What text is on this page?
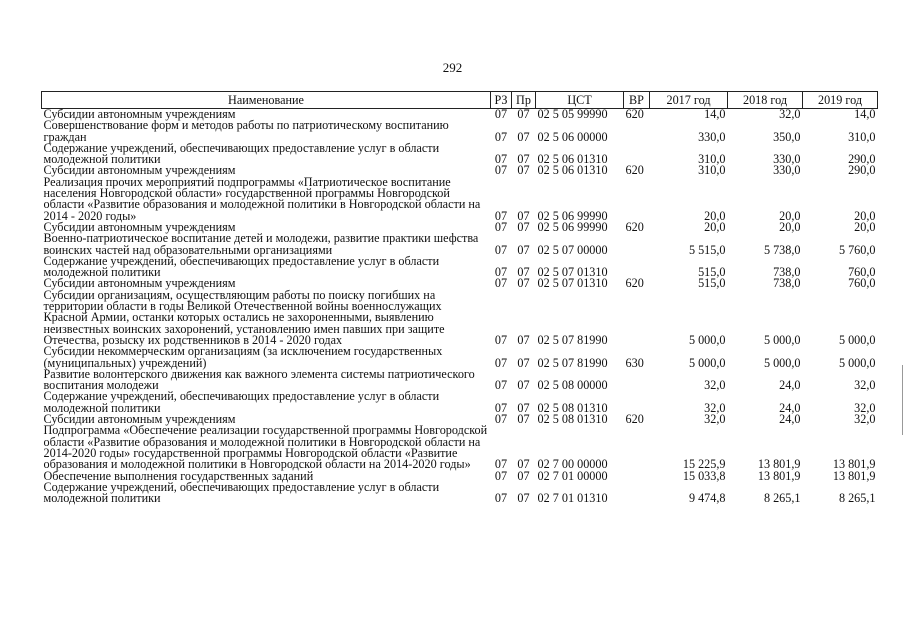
292
Наименование	РЗ	Пр	ЦСТ	ВР	2017 год	2018 год	2019 год
Субсидии автономным учреждениям	07	07	02 5 05 99990	620	14,0	32,0	14,0
Совершенствование форм и методов работы по патриотическому воспитанию граждан	07	07	02 5 06 00000		330,0	350,0	310,0
Содержание учреждений, обеспечивающих предоставление услуг в области молодежной политики	07	07	02 5 06 01310		310,0	330,0	290,0
Субсидии автономным учреждениям	07	07	02 5 06 01310	620	310,0	330,0	290,0
Реализация прочих мероприятий подпрограммы «Патриотическое воспитание населения Новгородской области» государственной программы Новгородской области «Развитие образования и молодежной политики в Новгородской области на 2014 - 2020 годы»	07	07	02 5 06 99990		20,0	20,0	20,0
Субсидии автономным учреждениям	07	07	02 5 06 99990	620	20,0	20,0	20,0
Военно-патриотическое воспитание детей и молодежи, развитие практики шефства воинских частей над образовательными организациями	07	07	02 5 07 00000		5 515,0	5 738,0	5 760,0
Содержание учреждений, обеспечивающих предоставление услуг в области молодежной политики	07	07	02 5 07 01310		515,0	738,0	760,0
Субсидии автономным учреждениям	07	07	02 5 07 01310	620	515,0	738,0	760,0
Субсидии организациям, осуществляющим работы по поиску погибших на территории области в годы Великой Отечественной войны военнослужащих Красной Армии, останки которых остались не захороненными, выявлению неизвестных воинских захоронений, установлению имен павших при защите Отечества, розыску их родственников в 2014 - 2020 годах	07	07	02 5 07 81990		5 000,0	5 000,0	5 000,0
Субсидии некоммерческим организациям (за исключением государственных (муниципальных) учреждений)	07	07	02 5 07 81990	630	5 000,0	5 000,0	5 000,0
Развитие волонтерского движения как важного элемента системы патриотического воспитания молодежи	07	07	02 5 08 00000		32,0	24,0	32,0
Содержание учреждений, обеспечивающих предоставление услуг в области молодежной политики	07	07	02 5 08 01310		32,0	24,0	32,0
Субсидии автономным учреждениям	07	07	02 5 08 01310	620	32,0	24,0	32,0
Подпрограмма «Обеспечение реализации государственной программы Новгородской области «Развитие образования и молодежной политики в Новгородской области на 2014-2020 годы» государственной программы Новгородской области «Развитие образования и молодежной политики в Новгородской области на 2014-2020 годы»	07	07	02 7 00 00000		15 225,9	13 801,9	13 801,9
Обеспечение выполнения государственных заданий	07	07	02 7 01 00000		15 033,8	13 801,9	13 801,9
Содержание учреждений, обеспечивающих предоставление услуг в области молодежной политики	07	07	02 7 01 01310		9 474,8	8 265,1	8 265,1
